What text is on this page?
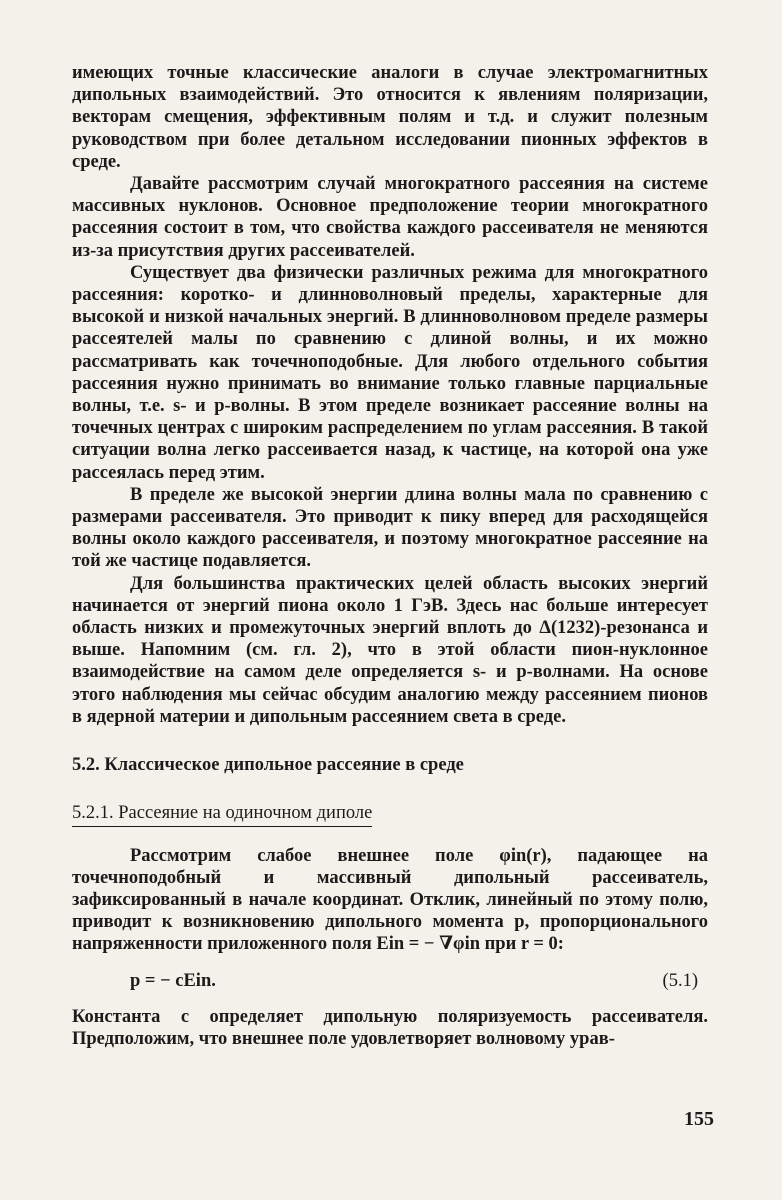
имеющих точные классические аналоги в случае электромагнитных дипольных взаимодействий. Это относится к явлениям поляризации, векторам смещения, эффективным полям и т.д. и служит полезным руководством при более детальном исследовании пионных эффектов в среде.

Давайте рассмотрим случай многократного рассеяния на системе массивных нуклонов. Основное предположение теории многократного рассеяния состоит в том, что свойства каждого рассеивателя не меняются из-за присутствия других рассеивателей.

Существует два физически различных режима для многократного рассеяния: коротко- и длинноволновый пределы, характерные для высокой и низкой начальных энергий. В длинноволновом пределе размеры рассеятелей малы по сравнению с длиной волны, и их можно рассматривать как точечноподобные. Для любого отдельного события рассеяния нужно принимать во внимание только главные парциальные волны, т.е. s- и p-волны. В этом пределе возникает рассеяние волны на точечных центрах с широким распределением по углам рассеяния. В такой ситуации волна легко рассеивается назад, к частице, на которой она уже рассеялась перед этим.

В пределе же высокой энергии длина волны мала по сравнению с размерами рассеивателя. Это приводит к пику вперед для расходящейся волны около каждого рассеивателя, и поэтому многократное рассеяние на той же частице подавляется.

Для большинства практических целей область высоких энергий начинается от энергий пиона около 1 ГэВ. Здесь нас больше интересует область низких и промежуточных энергий вплоть до Δ(1232)-резонанса и выше. Напомним (см. гл. 2), что в этой области пион-нуклонное взаимодействие на самом деле определяется s- и p-волнами. На основе этого наблюдения мы сейчас обсудим аналогию между рассеянием пионов в ядерной материи и дипольным рассеянием света в среде.

5.2. Классическое дипольное рассеяние в среде
5.2.1. Рассеяние на одиночном диполе

Рассмотрим слабое внешнее поле φin(r), падающее на точечноподобный и массивный дипольный рассеиватель, зафиксированный в начале координат. Отклик, линейный по этому полю, приводит к возникновению дипольного момента p, пропорционального напряженности приложенного поля Ein = − ∇φin при r = 0:

p = − cEin.	(5.1)

Константа c определяет дипольную поляризуемость рассеивателя. Предположим, что внешнее поле удовлетворяет волновому урав-

155
